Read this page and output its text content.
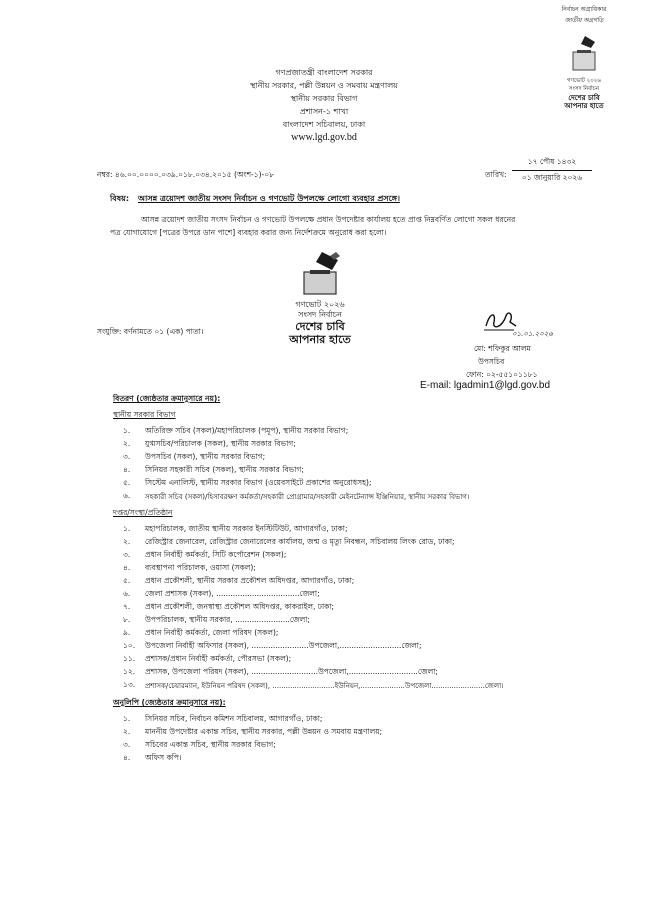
নির্বাচন অগ্রাধিকার
জাতীয় অগ্রগতি
গণভোট ২০২৬
সংসদ নির্বাচন
দেশের চাবি
আপনার হাতে
গণপ্রজাতন্ত্রী বাংলাদেশ সরকার
স্থানীয় সরকার, পল্লী উন্নয়ন ও সমবায় মন্ত্রণালয়
স্থানীয় সরকার বিভাগ
প্রশাসন-১ শাখা
বাংলাদেশ সচিবালয়, ঢাকা
www.lgd.gov.bd
নম্বর: ৪৬.০০.০০০০.০৩৯.০১৮.০৩৪.২০১৫ (অংশ-১)-০৮	তারিখ:
১৭ পৌষ ১৪৩২
০১ জানুয়ারি ২০২৬
বিষয়: আসন্ন ত্রয়োদশ জাতীয় সংসদ নির্বাচন ও গণভোট উপলক্ষে লোগো ব্যবহার প্রসঙ্গে।
আসন্ন ত্রয়োদশ জাতীয় সংসদ নির্বাচন ও গণভোট উপলক্ষে প্রধান উপদেষ্টার কার্যালয় হতে প্রাপ্ত নিম্নবর্ণিত লোগো সকল ধরনের
পত্র যোগাযোগে [পত্রের উপরে ডান পাশে] ব্যবহার করার জন্য নির্দেশক্রমে অনুরোধ করা হলো।
গণভোট ২০২৬
সংসদ নির্বাচন
দেশের চাবি
আপনার হাতে
সংযুক্তি: বর্ণনামতে ০১ (এক) পাতা।	০১.০১.২০২৬
মো: শফিকুর আলম
উপসচিব
ফোন: ০২-৫৫১০১১৮১
E-mail: lgadmin1@lgd.gov.bd
বিতরণ (জ্যেষ্ঠতার ক্রমানুসারে নয়):
স্থানীয় সরকার বিভাগ
১.	অতিরিক্ত সচিব (সকল)/মহাপরিচালক (পমূপ), স্থানীয় সরকার বিভাগ;
২.	যুগ্মসচিব/পরিচালক (সকল), স্থানীয় সরকার বিভাগ;
৩.	উপসচিব (সকল), স্থানীয় সরকার বিভাগ;
৪.	সিনিয়র সহকারী সচিব (সকল), স্থানীয় সরকার বিভাগ;
৫.	সিস্টেম এনালিস্ট, স্থানীয় সরকার বিভাগ (ওয়েবসাইটে প্রকাশের অনুরোধসহ);
৬.	সহকারী সচিব (সকল)/হিসাবরক্ষণ কর্মকর্তা/সহকারী প্রোগ্রামার/সহকারী মেইনটেন্যান্স ইঞ্জিনিয়ার, স্থানীয় সরকার বিভাগ।
দপ্তর/সংস্থা/প্রতিষ্ঠান
১.	মহাপরিচালক, জাতীয় স্থানীয় সরকার ইনস্টিটিউট, আগারগাঁও, ঢাকা;
২.	রেজিস্ট্রার জেনারেল, রেজিস্ট্রার জেনারেলের কার্যালয়, জন্ম ও মৃত্যু নিবন্ধন, সচিবালয় লিংক রোড, ঢাকা;
৩.	প্রধান নির্বাহী কর্মকর্তা, সিটি কর্পোরেশন (সকল);
৪.	ব্যবস্থাপনা পরিচালক, ওয়াসা (সকল);
৫.	প্রধান প্রকৌশলী, স্থানীয় সরকার প্রকৌশল অধিদপ্তর, আগারগাঁও, ঢাকা;
৬.	জেলা প্রশাসক (সকল), ...................................জেলা;
৭.	প্রধান প্রকৌশলী, জনস্বাস্থ্য প্রকৌশল অধিদপ্তর, কাকরাইল, ঢাকা;
৮.	উপপরিচালক, স্থানীয় সরকার, .......................জেলা;
৯.	প্রধান নির্বাহী কর্মকর্তা, জেলা পরিষদ (সকল);
১০.	উপজেলা নির্বাহী অফিসার (সকল), ........................উপজেলা,..........................জেলা;
১১.	প্রশাসক/প্রধান নির্বাহী কর্মকর্তা, পৌরসভা (সকল);
১২.	প্রশাসক, উপজেলা পরিষদ (সকল), ............................উপজেলা,.............................জেলা;
১৩.	প্রশাসক/চেয়ারম্যান, ইউনিয়ন পরিষদ (সকল), ............................ইউনিয়ন,....................উপজেলা........................জেলা।
অনুলিপি (জ্যেষ্ঠতার ক্রমানুসারে নয়):
১.	সিনিয়র সচিব, নির্বাচন কমিশন সচিবালয়, আগারগাঁও, ঢাকা;
২.	মাননীয় উপদেষ্টার একান্ত সচিব, স্থানীয় সরকার, পল্লী উন্নয়ন ও সমবায় মন্ত্রণালয়;
৩.	সচিবের একান্ত সচিব, স্থানীয় সরকার বিভাগ;
৪.	অফিস কপি।
